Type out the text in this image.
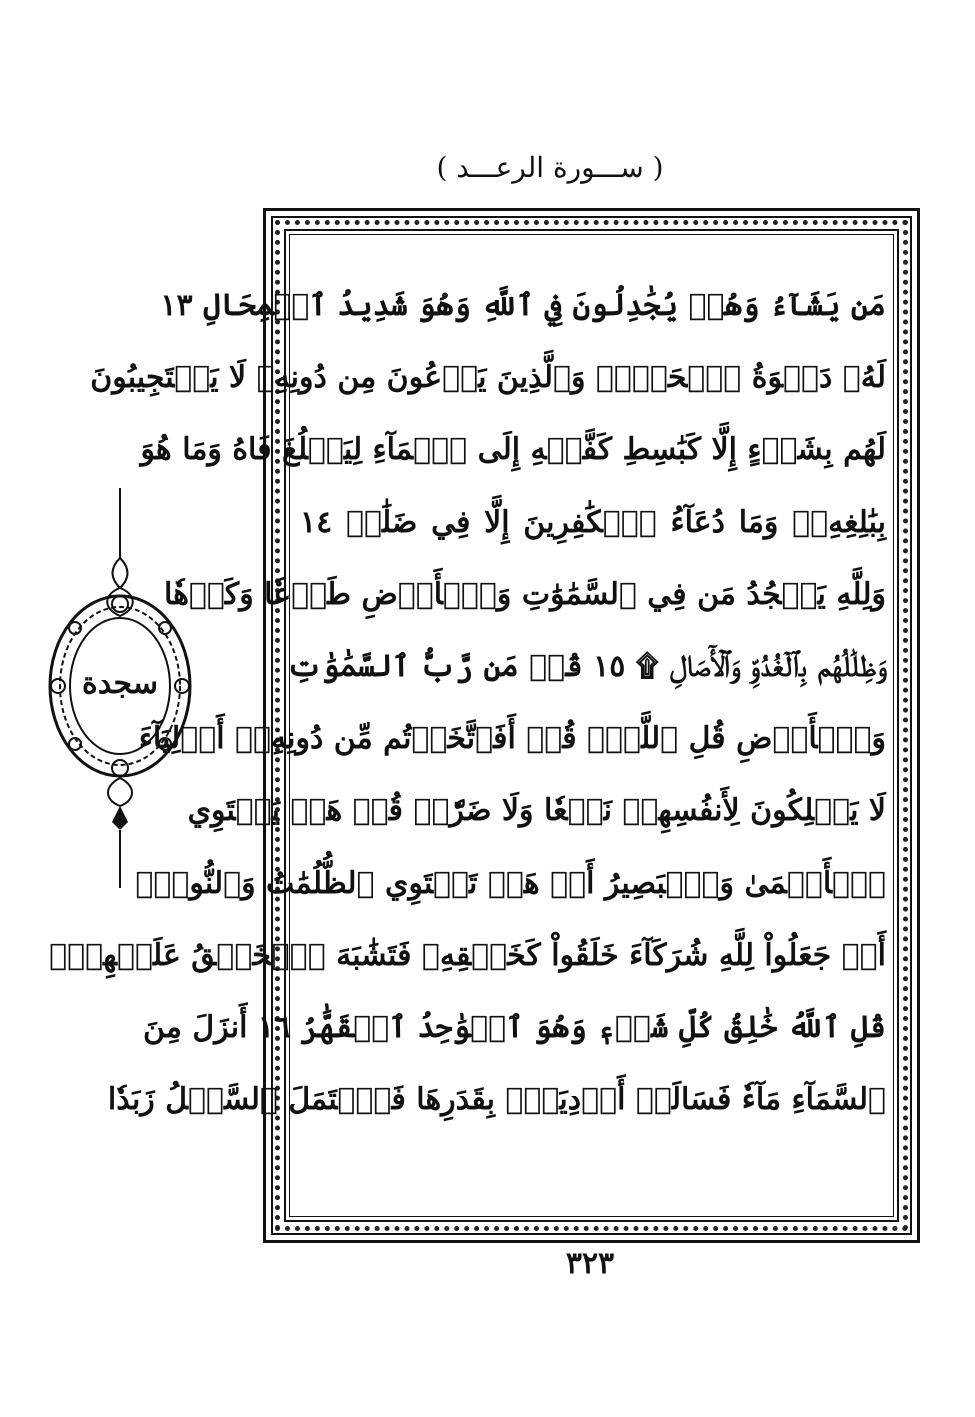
( ســـورة الرعـــد )
مَن يَشَآءُ وَهُمۡ يُجَٰدِلُونَ فِي ٱللَّهِ وَهُوَ شَدِيدُ ٱلۡمِحَالِ ١٣
لَهُۥ دَعۡوَةُ ٱلۡحَقِّۚ وَٱلَّذِينَ يَدۡعُونَ مِن دُونِهِۦ لَا يَسۡتَجِيبُونَ
لَهُم بِشَيۡءٍ إِلَّا كَبَٰسِطِ كَفَّيۡهِ إِلَى ٱلۡمَآءِ لِيَبۡلُغَ فَاهُ وَمَا هُوَ
بِبَٰلِغِهِۦۚ وَمَا دُعَآءُ ٱلۡكَٰفِرِينَ إِلَّا فِي ضَلَٰلٖ ١٤
وَلِلَّهِ يَسۡجُدُ مَن فِي ٱلسَّمَٰوَٰتِ وَٱلۡأَرۡضِ طَوۡعٗا وَكَرۡهٗا
وَظِلَٰلُهُم بِٱلۡغُدُوِّ وَٱلۡأٓصَالِ ۩ ١٥ قُلۡ مَن رَّبُّ ٱلسَّمَٰوَٰتِ
وَٱلۡأَرۡضِ قُلِ ٱللَّهُۚ قُلۡ أَفَٱتَّخَذۡتُم مِّن دُونِهِۦٓ أَوۡلِيَآءَ
لَا يَمۡلِكُونَ لِأَنفُسِهِمۡ نَفۡعٗا وَلَا ضَرّٗاۚ قُلۡ هَلۡ يَسۡتَوِي
ٱلۡأَعۡمَىٰ وَٱلۡبَصِيرُ أَمۡ هَلۡ تَسۡتَوِي ٱلظُّلُمَٰتُ وَٱلنُّورُۗ
أَمۡ جَعَلُواْ لِلَّهِ شُرَكَآءَ خَلَقُواْ كَخَلۡقِهِۦ فَتَشَٰبَهَ ٱلۡخَلۡقُ عَلَيۡهِمۡۚ
قُلِ ٱللَّهُ خَٰلِقُ كُلِّ شَيۡءٖ وَهُوَ ٱلۡوَٰحِدُ ٱلۡقَهَّٰرُ ١٦ أَنزَلَ مِنَ
ٱلسَّمَآءِ مَآءٗ فَسَالَتۡ أَوۡدِيَةُۢ بِقَدَرِهَا فَٱحۡتَمَلَ ٱلسَّيۡلُ زَبَدٗا
سجدة
٣٢٣
